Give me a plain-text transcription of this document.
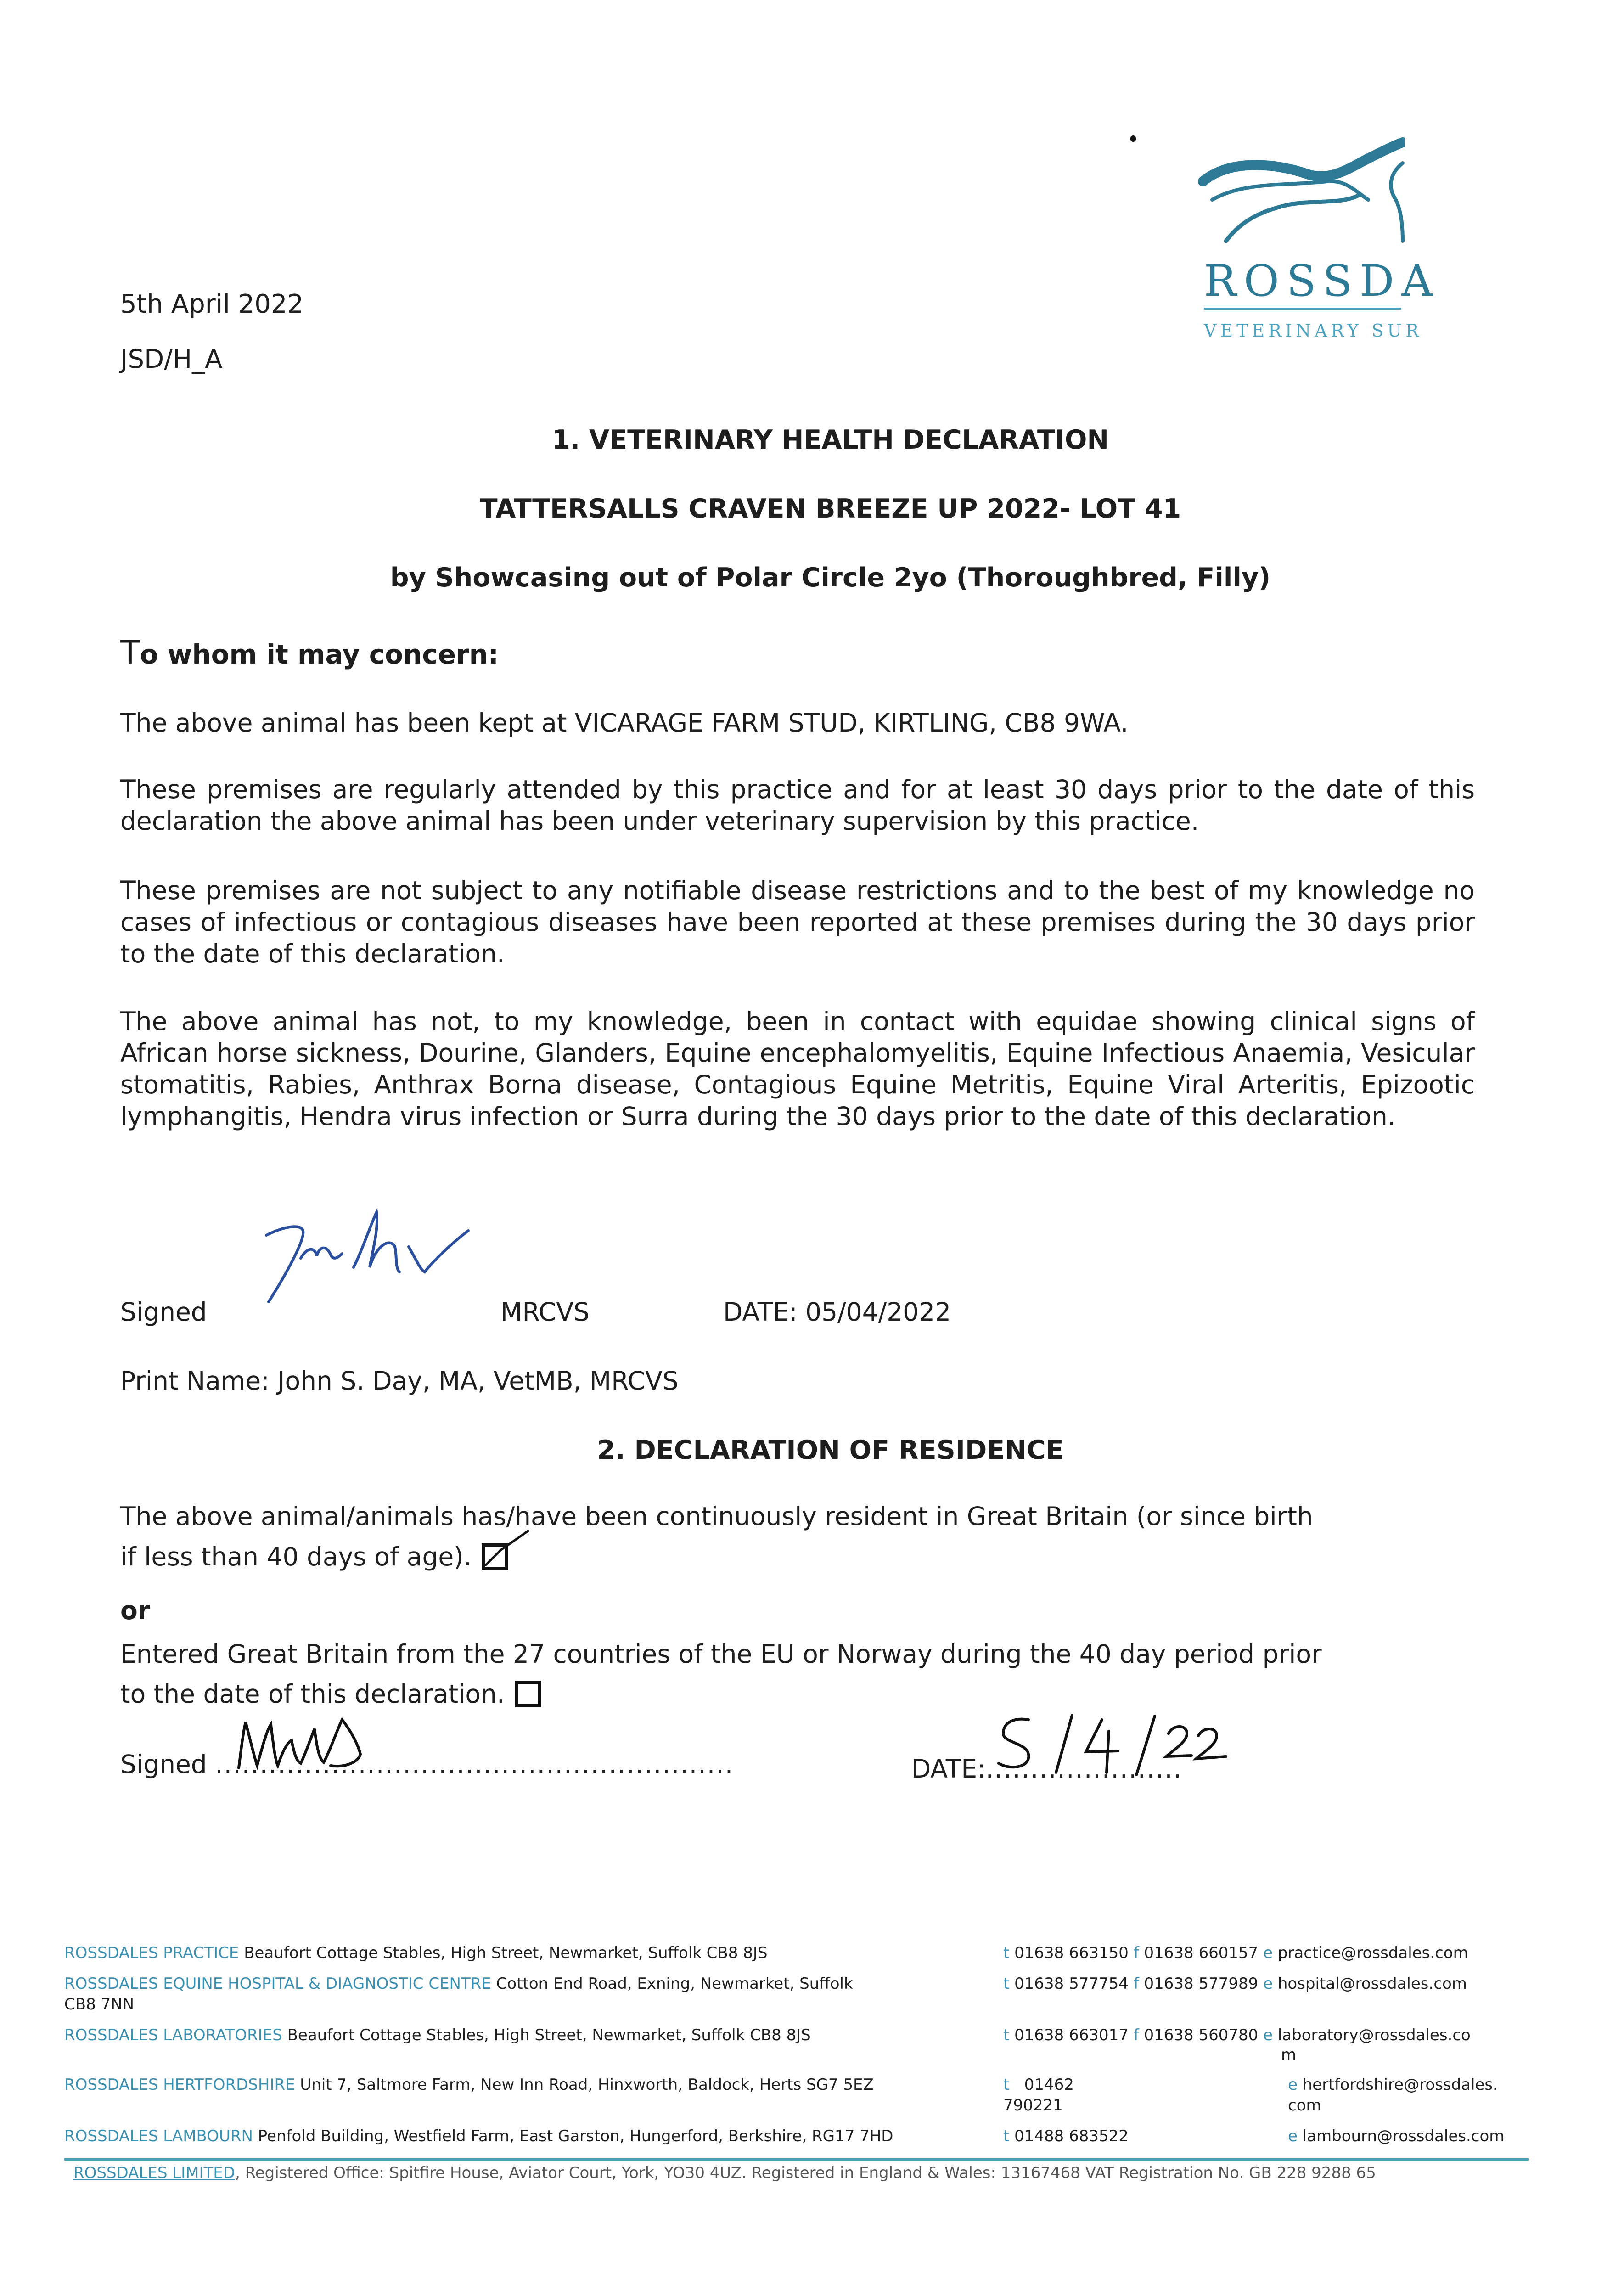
ROSSDA
VETERINARY SUR
5th April 2022
JSD/H_A
1. VETERINARY HEALTH DECLARATION
TATTERSALLS CRAVEN BREEZE UP 2022- LOT 41
by Showcasing out of Polar Circle 2yo (Thoroughbred, Filly)
To whom it may concern:
The above animal has been kept at VICARAGE FARM STUD, KIRTLING, CB8 9WA.
These premises are regularly attended by this practice and for at least 30 days prior to the date of this declaration the above animal has been under veterinary supervision by this practice.
These premises are not subject to any notifiable disease restrictions and to the best of my knowledge no cases of infectious or contagious diseases have been reported at these premises during the 30 days prior to the date of this declaration.
The above animal has not, to my knowledge, been in contact with equidae showing clinical signs of African horse sickness, Dourine, Glanders, Equine encephalomyelitis, Equine Infectious Anaemia, Vesicular stomatitis, Rabies, Anthrax Borna disease, Contagious Equine Metritis, Equine Viral Arteritis, Epizootic lymphangitis, Hendra virus infection or Surra during the 30 days prior to the date of this declaration.
Signed	MRCVS	DATE: 05/04/2022
Print Name: John S. Day, MA, VetMB, MRCVS
2. DECLARATION OF RESIDENCE
The above animal/animals has/have been continuously resident in Great Britain (or since birth
if less than 40 days of age).
or
Entered Great Britain from the 27 countries of the EU or Norway during the 40 day period prior
to the date of this declaration.
Signed ..........................................................	DATE:......................
ROSSDALES PRACTICE Beaufort Cottage Stables, High Street, Newmarket, Suffolk CB8 8JS	t 01638 663150 f 01638 660157 e practice@rossdales.com
ROSSDALES EQUINE HOSPITAL & DIAGNOSTIC CENTRE Cotton End Road, Exning, Newmarket, Suffolk
CB8 7NN
t 01638 577754 f 01638 577989 e hospital@rossdales.com
ROSSDALES LABORATORIES Beaufort Cottage Stables, High Street, Newmarket, Suffolk CB8 8JS	t 01638 663017 f 01638 560780 e laboratory@rossdales.co
m
ROSSDALES HERTFORDSHIRE Unit 7, Saltmore Farm, New Inn Road, Hinxworth, Baldock, Herts SG7 5EZ	t 01462
790221
e hertfordshire@rossdales.
com
ROSSDALES LAMBOURN Penfold Building, Westfield Farm, East Garston, Hungerford, Berkshire, RG17 7HD	t 01488 683522	e lambourn@rossdales.com
ROSSDALES LIMITED, Registered Office: Spitfire House, Aviator Court, York, YO30 4UZ. Registered in England & Wales: 13167468 VAT Registration No. GB 228 9288 65
